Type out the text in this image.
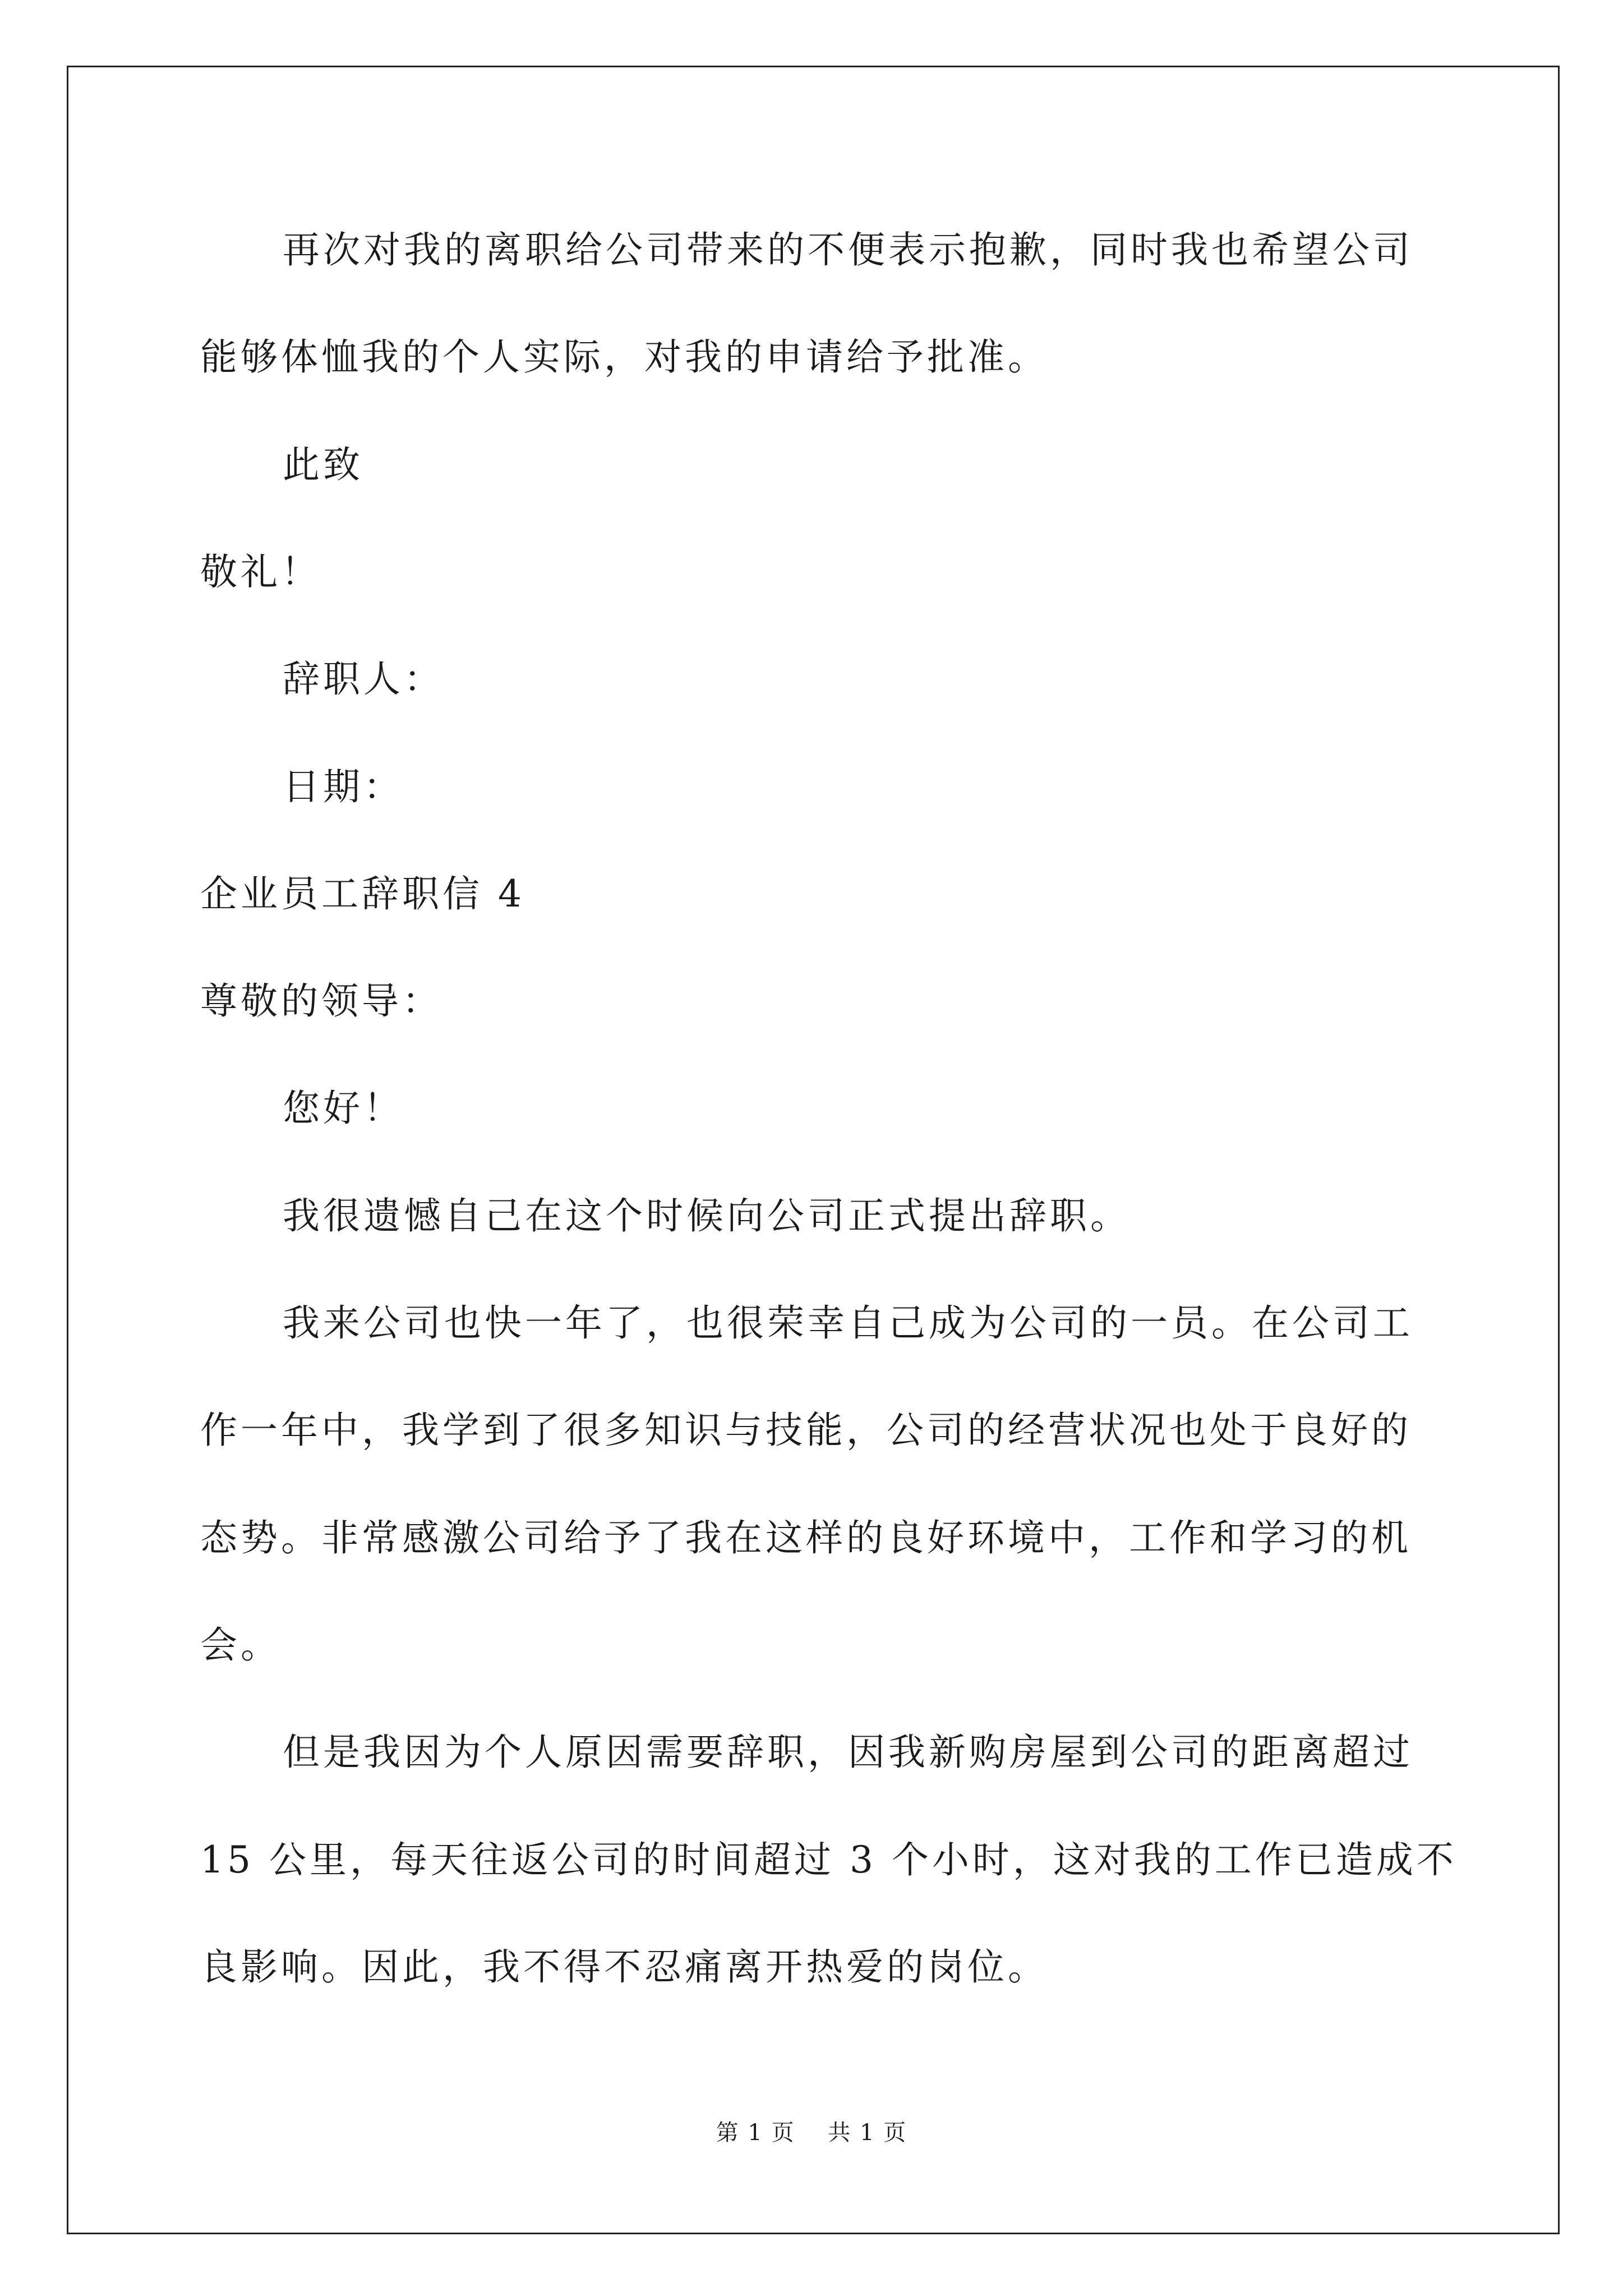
再次对我的离职给公司带来的不便表示抱歉，同时我也希望公司
能够体恤我的个人实际，对我的申请给予批准。
此致
敬礼！
辞职人：
日期：
企业员工辞职信 4
尊敬的领导：
您好！
我很遗憾自己在这个时候向公司正式提出辞职。
我来公司也快一年了，也很荣幸自己成为公司的一员。在公司工
作一年中，我学到了很多知识与技能，公司的经营状况也处于良好的
态势。非常感激公司给予了我在这样的良好环境中，工作和学习的机
会。
但是我因为个人原因需要辞职，因我新购房屋到公司的距离超过
15 公里，每天往返公司的时间超过 3 个小时，这对我的工作已造成不
良影响。因此，我不得不忍痛离开热爱的岗位。
第 1 页    共 1 页
